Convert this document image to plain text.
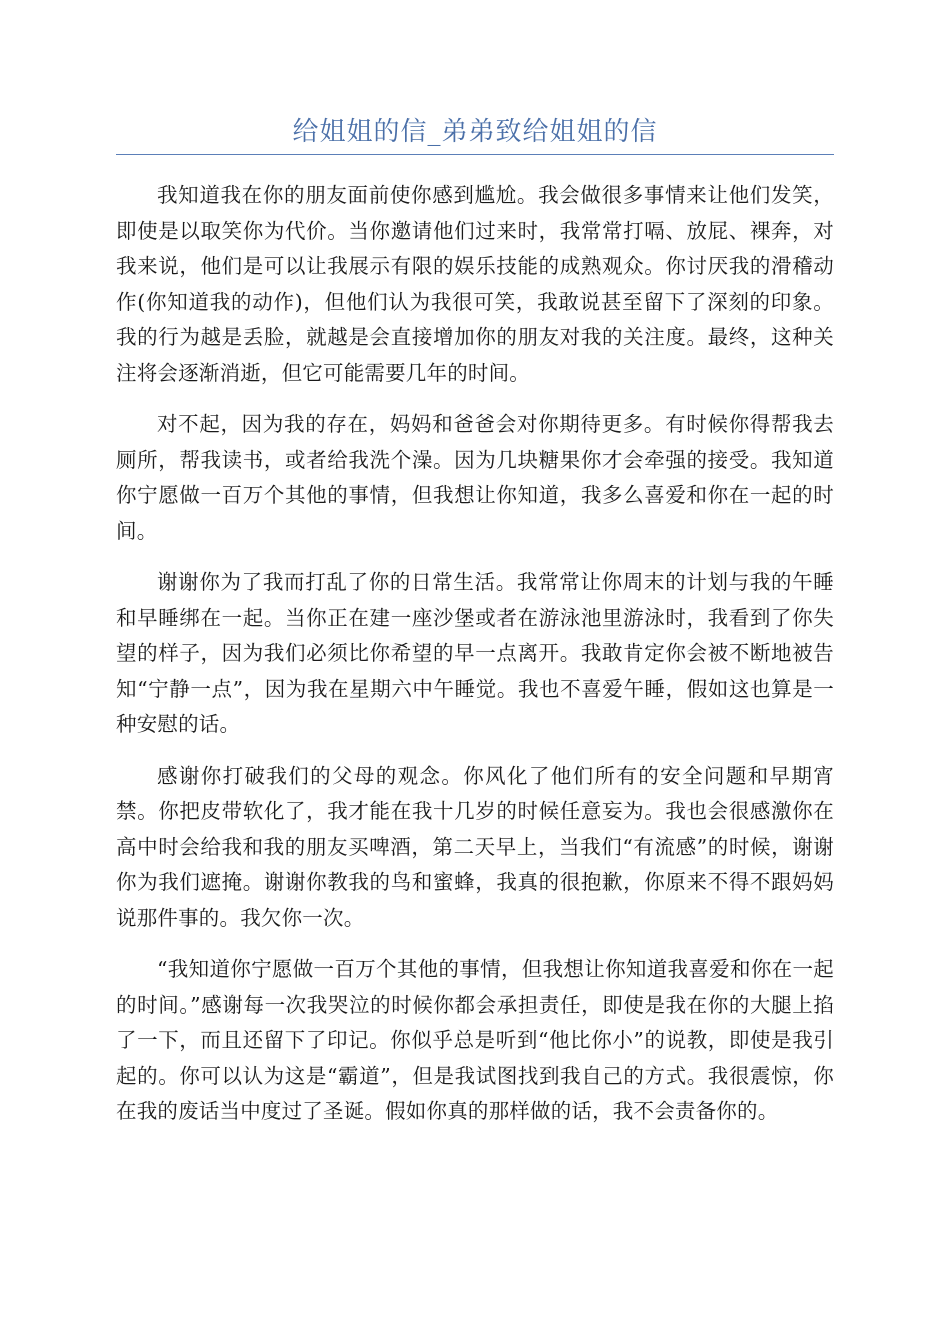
给姐姐的信_弟弟致给姐姐的信

我知道我在你的朋友面前使你感到尴尬。我会做很多事情来让他们发笑，即使是以取笑你为代价。当你邀请他们过来时，我常常打嗝、放屁、裸奔，对我来说，他们是可以让我展示有限的娱乐技能的成熟观众。你讨厌我的滑稽动作(你知道我的动作)，但他们认为我很可笑，我敢说甚至留下了深刻的印象。我的行为越是丢脸，就越是会直接增加你的朋友对我的关注度。最终，这种关注将会逐渐消逝，但它可能需要几年的时间。

对不起，因为我的存在，妈妈和爸爸会对你期待更多。有时候你得帮我去厕所，帮我读书，或者给我洗个澡。因为几块糖果你才会牵强的接受。我知道你宁愿做一百万个其他的事情，但我想让你知道，我多么喜爱和你在一起的时间。

谢谢你为了我而打乱了你的日常生活。我常常让你周末的计划与我的午睡和早睡绑在一起。当你正在建一座沙堡或者在游泳池里游泳时，我看到了你失望的样子，因为我们必须比你希望的早一点离开。我敢肯定你会被不断地被告知“宁静一点”，因为我在星期六中午睡觉。我也不喜爱午睡，假如这也算是一种安慰的话。

感谢你打破我们的父母的观念。你风化了他们所有的安全问题和早期宵禁。你把皮带软化了，我才能在我十几岁的时候任意妄为。我也会很感激你在高中时会给我和我的朋友买啤酒，第二天早上，当我们“有流感”的时候，谢谢你为我们遮掩。谢谢你教我的鸟和蜜蜂，我真的很抱歉，你原来不得不跟妈妈说那件事的。我欠你一次。

“我知道你宁愿做一百万个其他的事情，但我想让你知道我喜爱和你在一起的时间。”感谢每一次我哭泣的时候你都会承担责任，即使是我在你的大腿上掐了一下，而且还留下了印记。你似乎总是听到“他比你小”的说教，即使是我引起的。你可以认为这是“霸道”，但是我试图找到我自己的方式。我很震惊，你在我的废话当中度过了圣诞。假如你真的那样做的话，我不会责备你的。
